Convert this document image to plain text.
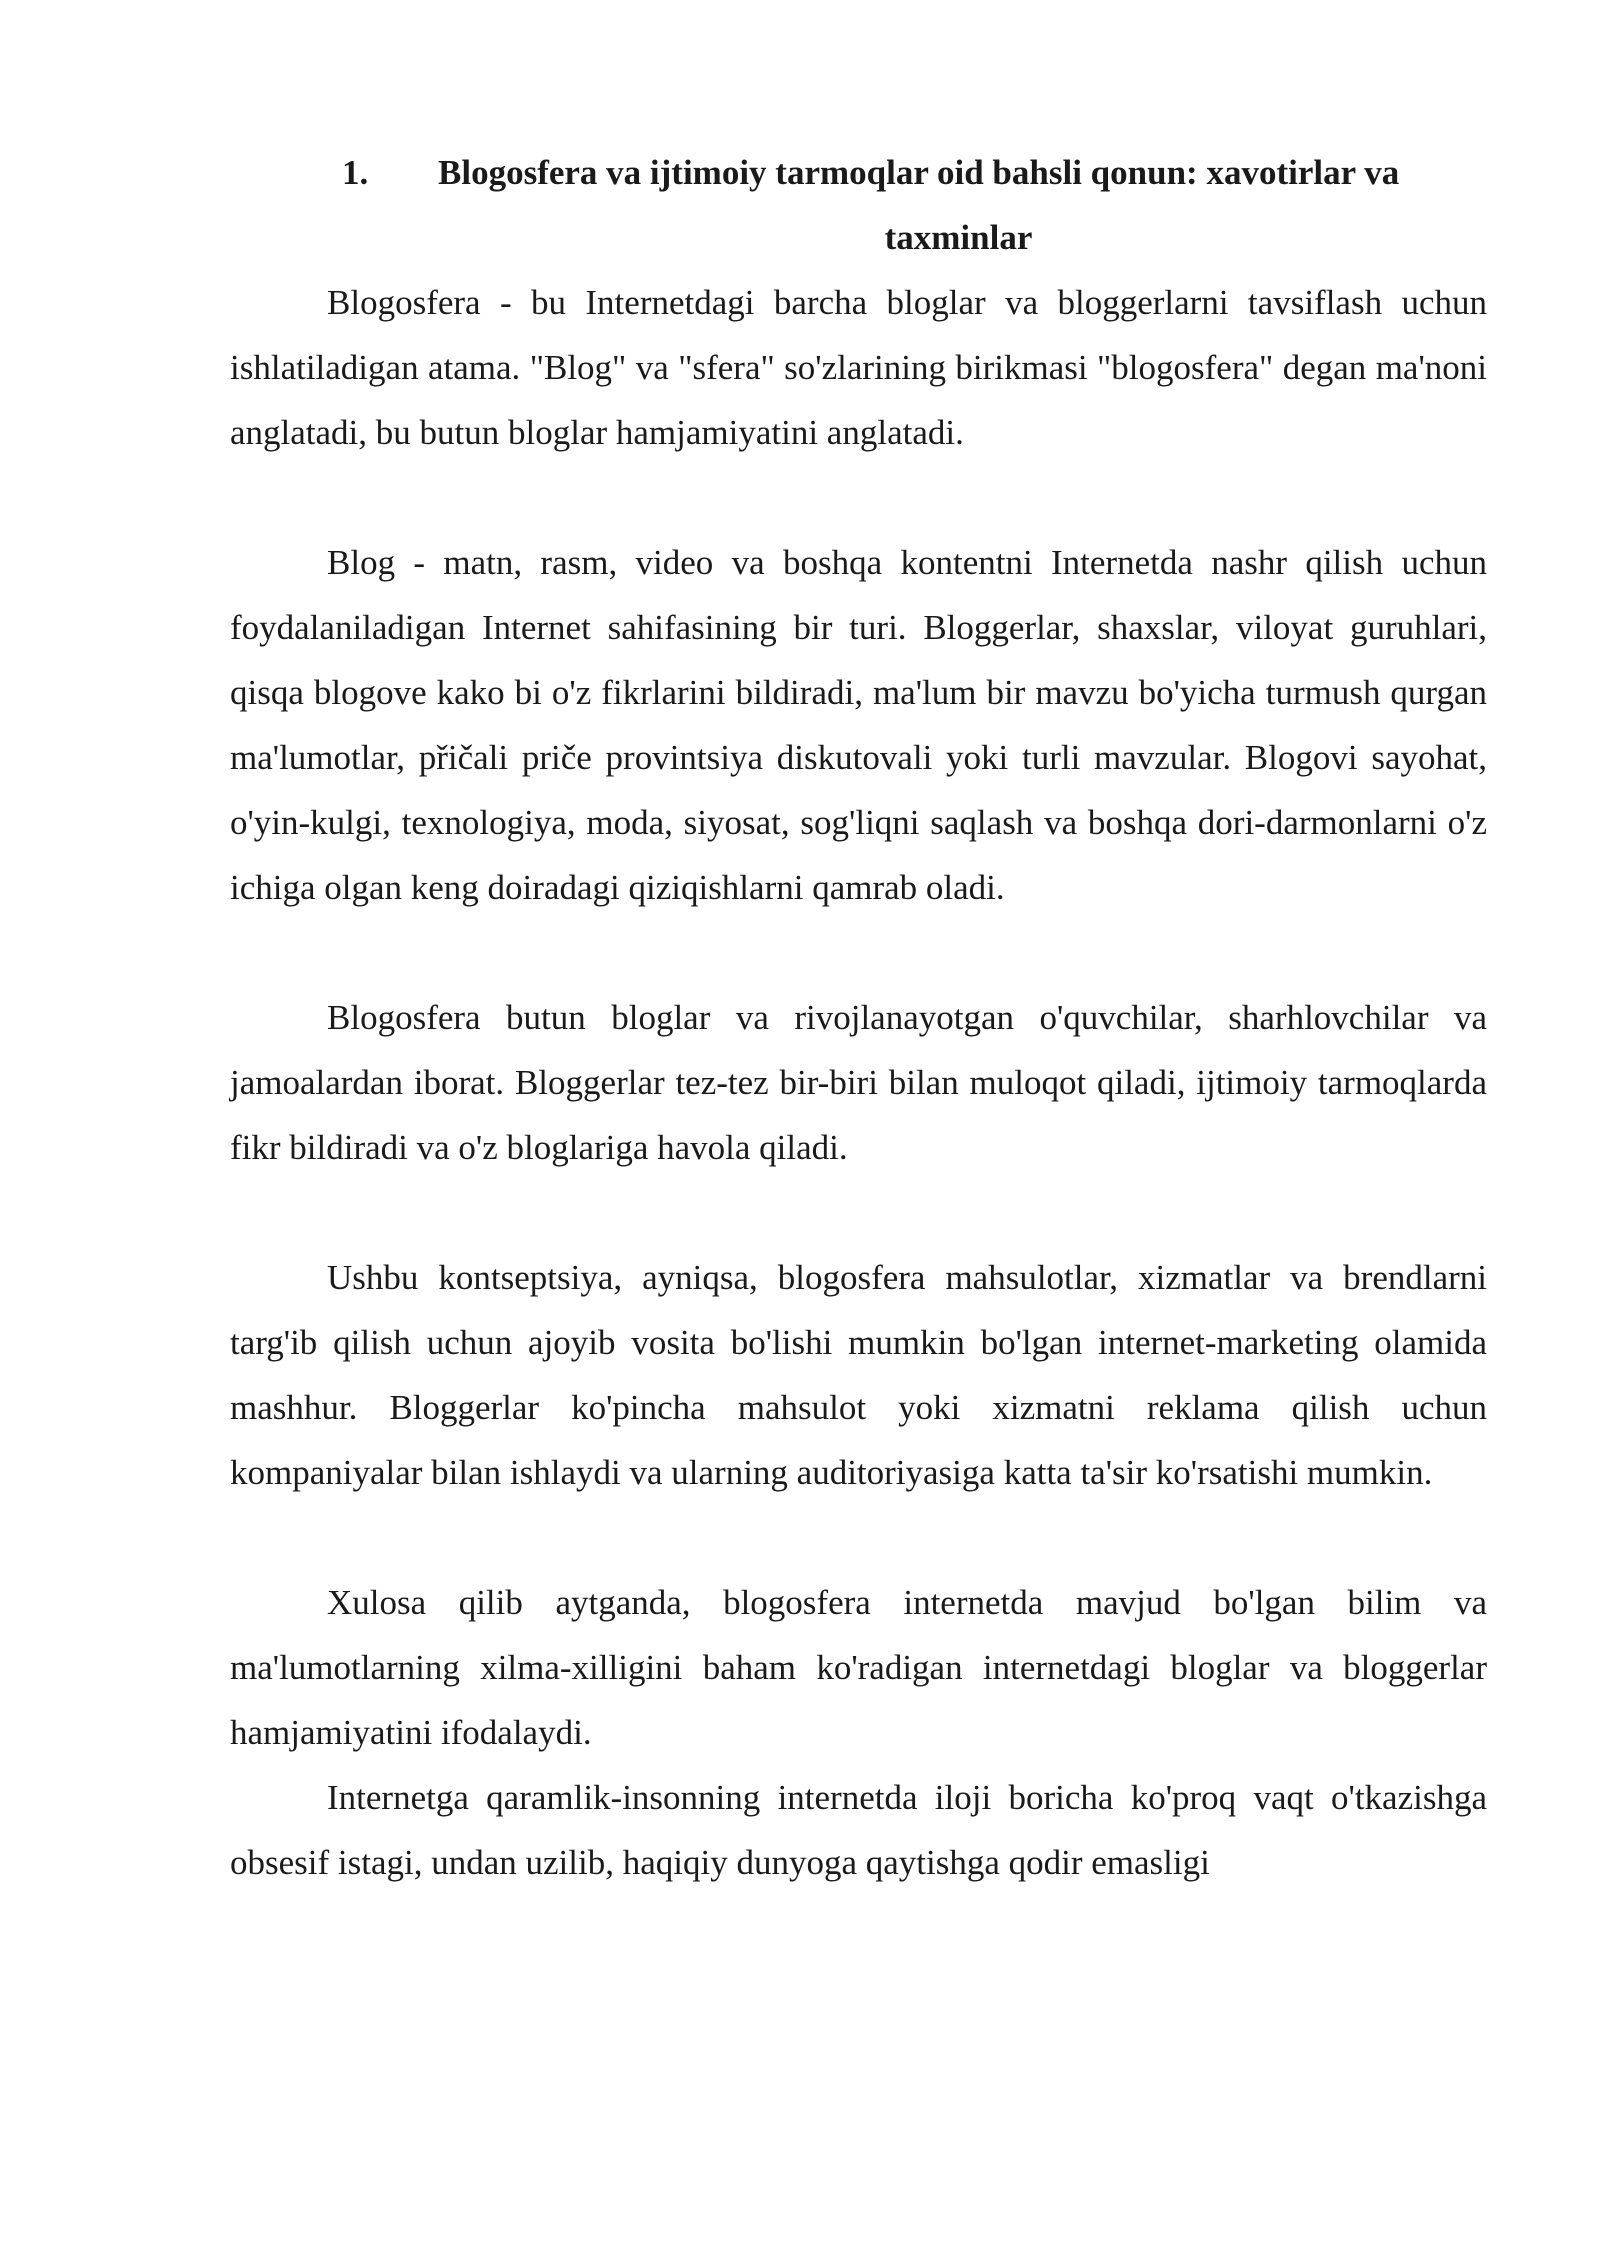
1.	Blogosfera va ijtimoiy tarmoqlar oid bahsli qonun: xavotirlar va

taxminlar

Blogosfera - bu Internetdagi barcha bloglar va bloggerlarni tavsiflash uchun ishlatiladigan atama. "Blog" va "sfera" so'zlarining birikmasi "blogosfera" degan ma'noni anglatadi, bu butun bloglar hamjamiyatini anglatadi.

Blog - matn, rasm, video va boshqa kontentni Internetda nashr qilish uchun foydalaniladigan Internet sahifasining bir turi. Bloggerlar, shaxslar, viloyat guruhlari, qisqa blogove kako bi o'z fikrlarini bildiradi, ma'lum bir mavzu bo'yicha turmush qurgan ma'lumotlar, přičali priče provintsiya diskutovali yoki turli mavzular. Blogovi sayohat, o'yin-kulgi, texnologiya, moda, siyosat, sog'liqni saqlash va boshqa dori-darmonlarni o'z ichiga olgan keng doiradagi qiziqishlarni qamrab oladi.

Blogosfera butun bloglar va rivojlanayotgan o'quvchilar, sharhlovchilar va jamoalardan iborat. Bloggerlar tez-tez bir-biri bilan muloqot qiladi, ijtimoiy tarmoqlarda fikr bildiradi va o'z bloglariga havola qiladi.

Ushbu kontseptsiya, ayniqsa, blogosfera mahsulotlar, xizmatlar va brendlarni targ'ib qilish uchun ajoyib vosita bo'lishi mumkin bo'lgan internet-marketing olamida mashhur. Bloggerlar ko'pincha mahsulot yoki xizmatni reklama qilish uchun kompaniyalar bilan ishlaydi va ularning auditoriyasiga katta ta'sir ko'rsatishi mumkin.

Xulosa qilib aytganda, blogosfera internetda mavjud bo'lgan bilim va ma'lumotlarning xilma-xilligini baham ko'radigan internetdagi bloglar va bloggerlar hamjamiyatini ifodalaydi.

Internetga qaramlik-insonning internetda iloji boricha ko'proq vaqt o'tkazishga obsesif istagi, undan uzilib, haqiqiy dunyoga qaytishga qodir emasligi
